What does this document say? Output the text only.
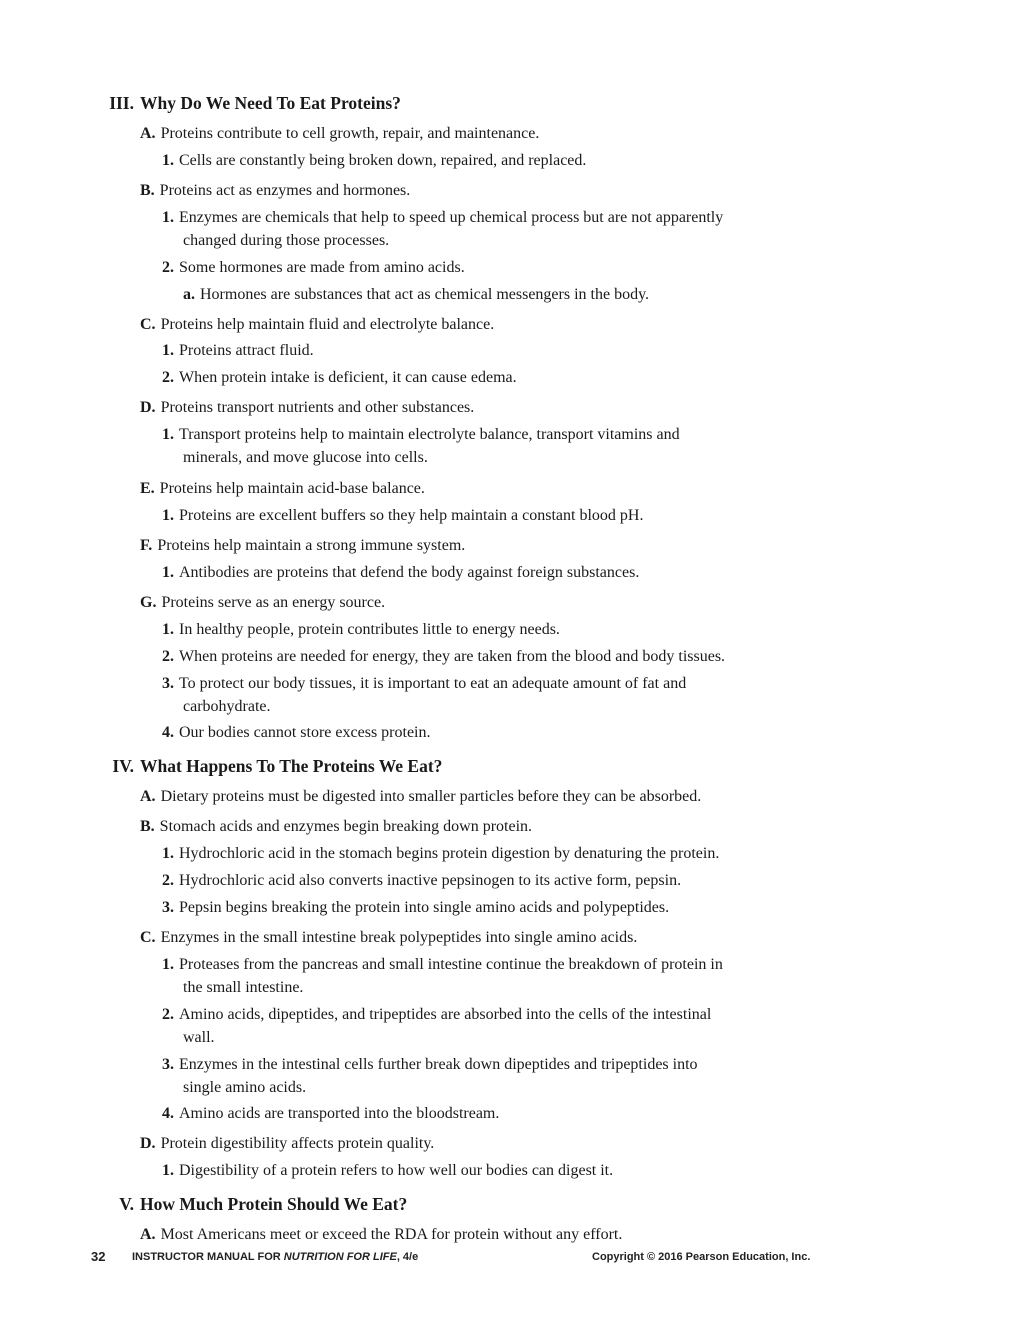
III. Why Do We Need To Eat Proteins?
A. Proteins contribute to cell growth, repair, and maintenance.
1. Cells are constantly being broken down, repaired, and replaced.
B. Proteins act as enzymes and hormones.
1. Enzymes are chemicals that help to speed up chemical process but are not apparently
changed during those processes.
2. Some hormones are made from amino acids.
a. Hormones are substances that act as chemical messengers in the body.
C. Proteins help maintain fluid and electrolyte balance.
1. Proteins attract fluid.
2. When protein intake is deficient, it can cause edema.
D. Proteins transport nutrients and other substances.
1. Transport proteins help to maintain electrolyte balance, transport vitamins and
minerals, and move glucose into cells.
E. Proteins help maintain acid-base balance.
1. Proteins are excellent buffers so they help maintain a constant blood pH.
F. Proteins help maintain a strong immune system.
1. Antibodies are proteins that defend the body against foreign substances.
G. Proteins serve as an energy source.
1. In healthy people, protein contributes little to energy needs.
2. When proteins are needed for energy, they are taken from the blood and body tissues.
3. To protect our body tissues, it is important to eat an adequate amount of fat and
carbohydrate.
4. Our bodies cannot store excess protein.
IV. What Happens To The Proteins We Eat?
A. Dietary proteins must be digested into smaller particles before they can be absorbed.
B. Stomach acids and enzymes begin breaking down protein.
1. Hydrochloric acid in the stomach begins protein digestion by denaturing the protein.
2. Hydrochloric acid also converts inactive pepsinogen to its active form, pepsin.
3. Pepsin begins breaking the protein into single amino acids and polypeptides.
C. Enzymes in the small intestine break polypeptides into single amino acids.
1. Proteases from the pancreas and small intestine continue the breakdown of protein in
the small intestine.
2. Amino acids, dipeptides, and tripeptides are absorbed into the cells of the intestinal
wall.
3. Enzymes in the intestinal cells further break down dipeptides and tripeptides into
single amino acids.
4. Amino acids are transported into the bloodstream.
D. Protein digestibility affects protein quality.
1. Digestibility of a protein refers to how well our bodies can digest it.
V. How Much Protein Should We Eat?
A. Most Americans meet or exceed the RDA for protein without any effort.
32 INSTRUCTOR MANUAL FOR NUTRITION FOR LIFE, 4/e	Copyright © 2016 Pearson Education, Inc.
